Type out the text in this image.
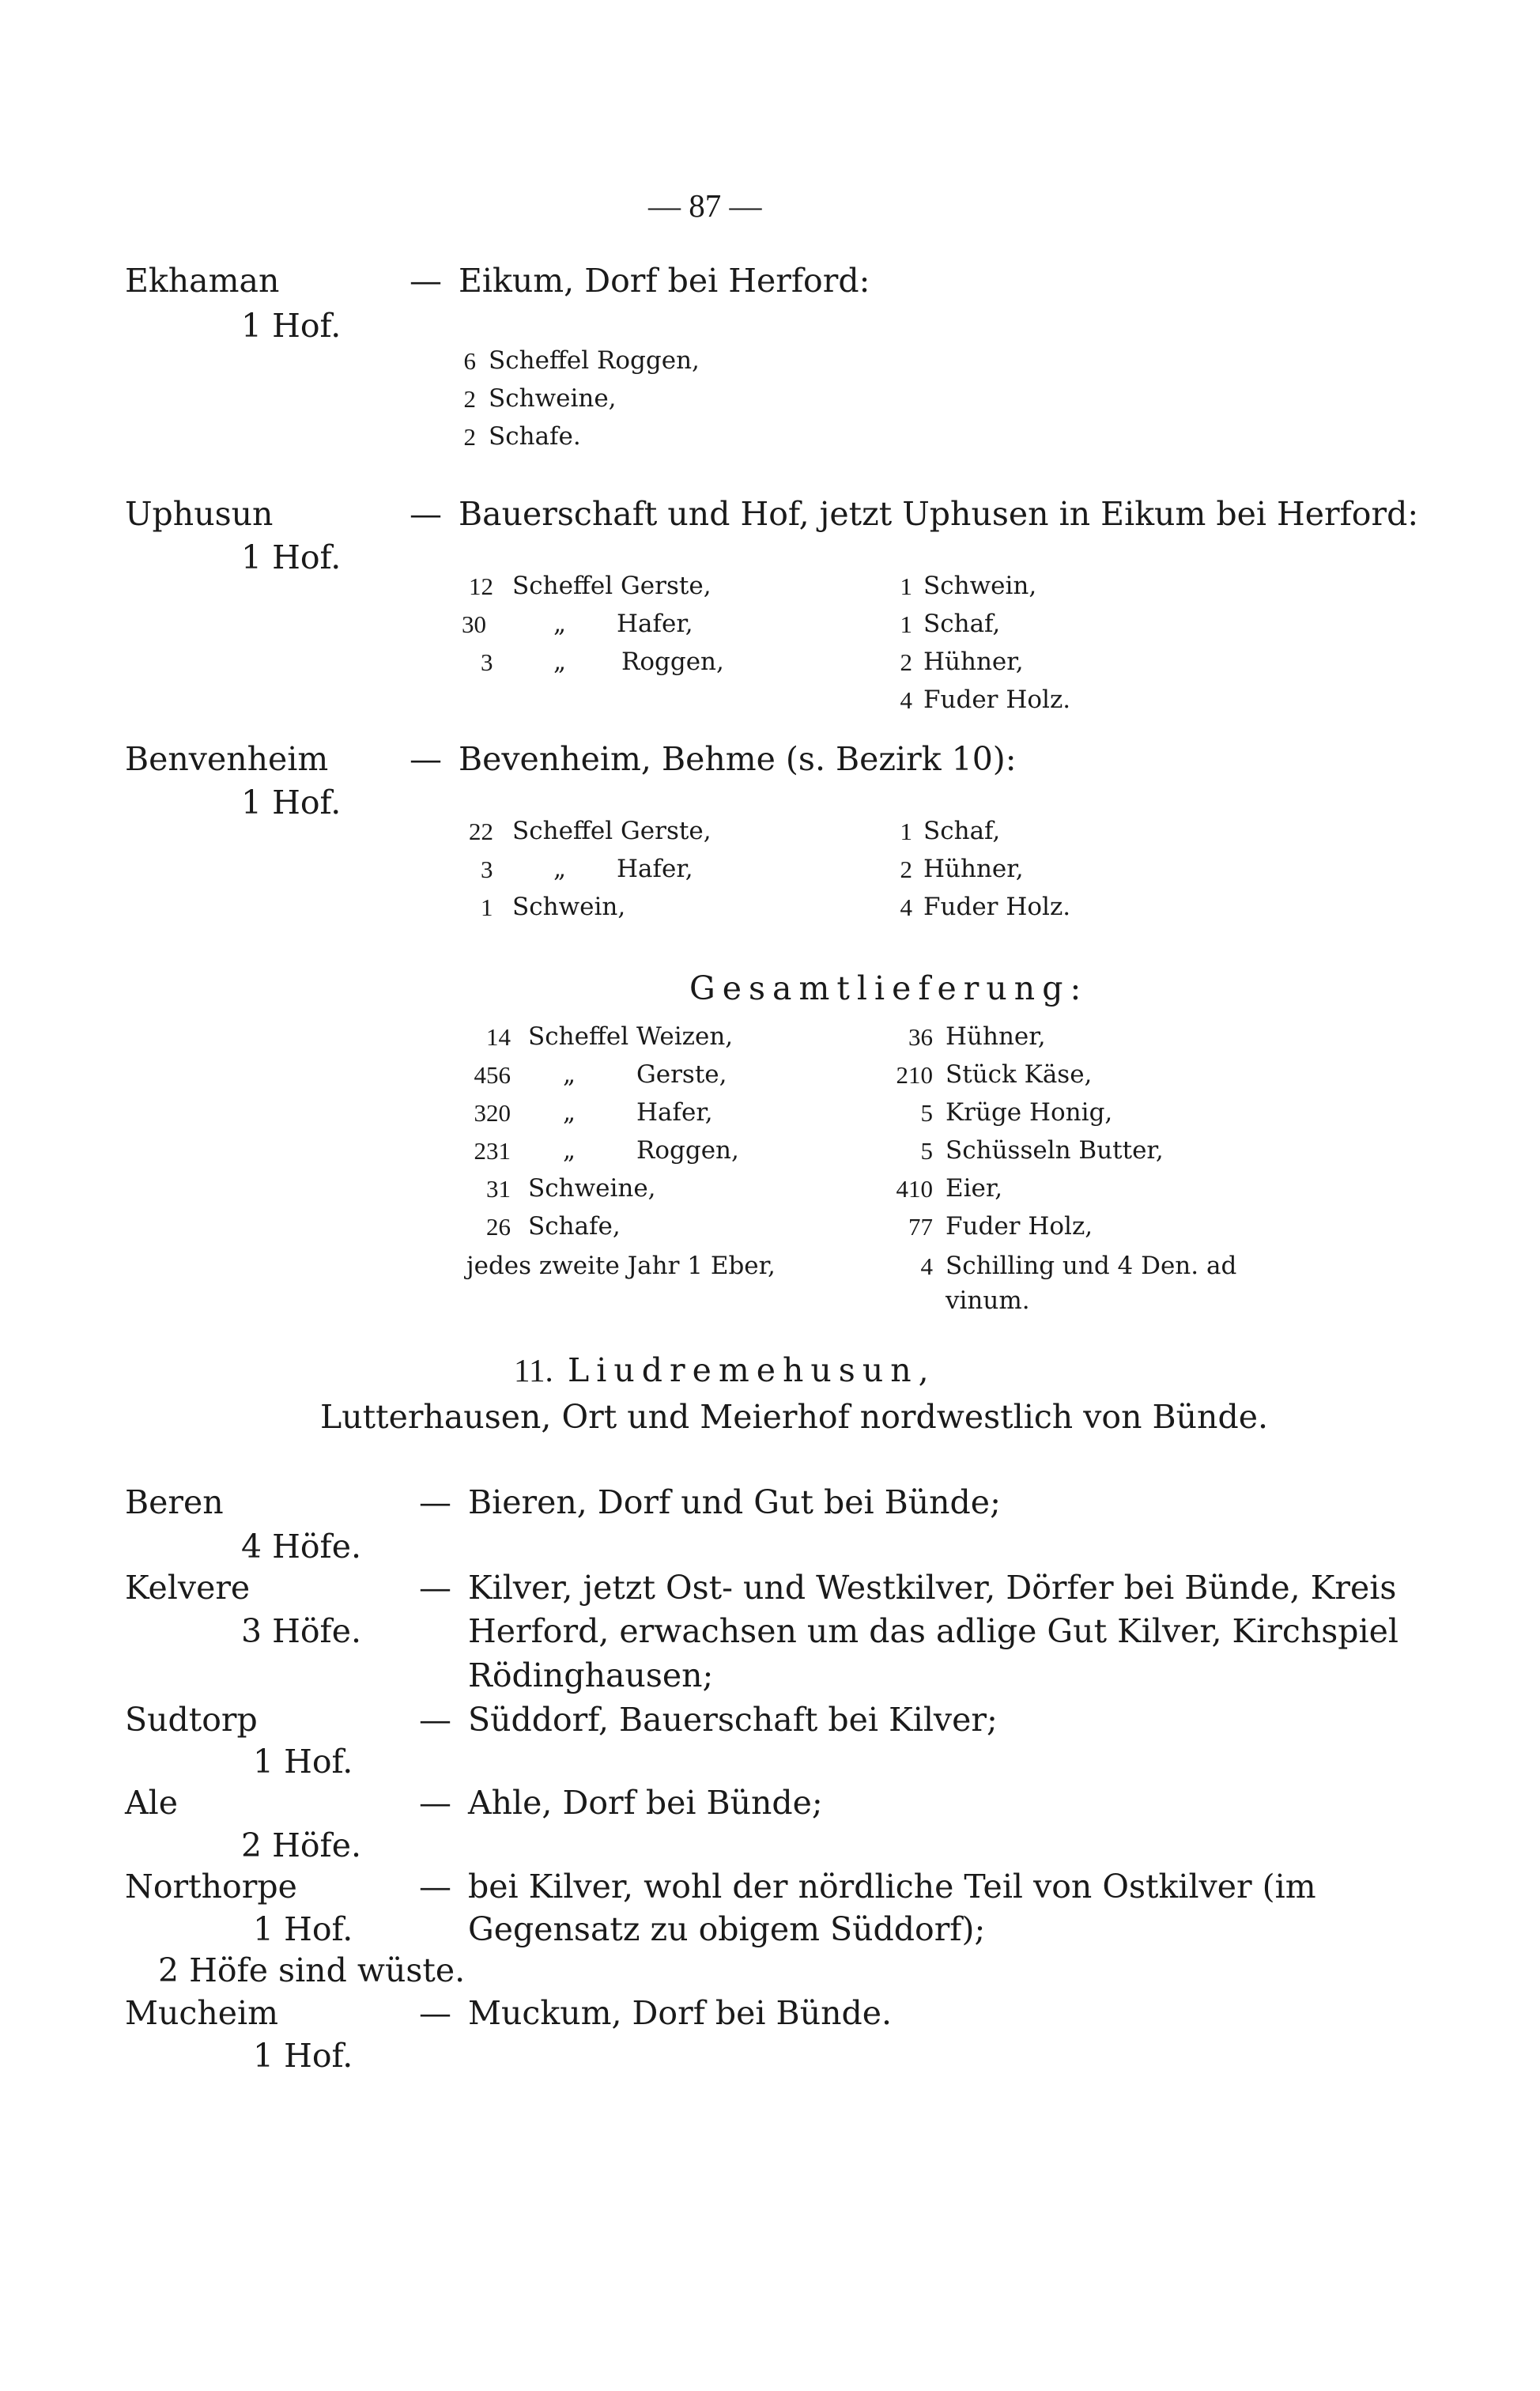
— 87 —
Ekhaman
1 Hof.
— Eikum, Dorf bei Herford:
6 Scheffel Roggen,
2 Schweine,
2 Schafe.
Uphusun
1 Hof.
— Bauerschaft und Hof, jetzt Uphusen in Eikum bei Herford:
12 Scheffel Gerste,
30	„ Hafer,
3 „ Roggen,
1 Schwein,
1 Schaf,
2 Hühner,
4 Fuder Holz.
Benvenheim
1 Hof.
— Bevenheim, Behme (s. Bezirk 10):
22 Scheffel Gerste,
3 „ Hafer,
1 Schwein,
1 Schaf,
2 Hühner,
4 Fuder Holz.
Gesamtlieferung:
14 Scheffel Weizen,
456 „ Gerste,
320 „ Hafer,
231 „ Roggen,
31 Schweine,
26 Schafe,
jedes zweite Jahr 1 Eber,
36 Hühner,
210 Stück Käse,
5 Krüge Honig,
5 Schüsseln Butter,
410 Eier,
77 Fuder Holz,
4 Schilling und 4 Den. ad
vinum.
11. Liudremehusun,
Lutterhausen, Ort und Meierhof nordwestlich von Bünde.
Beren
4 Höfe.
— Bieren, Dorf und Gut bei Bünde;
Kelvere
3 Höfe.
— Kilver, jetzt Ost- und Westkilver, Dörfer bei Bünde, Kreis
Herford, erwachsen um das adlige Gut Kilver, Kirchspiel
Rödinghausen;
Sudtorp
1 Hof.
— Süddorf, Bauerschaft bei Kilver;
Ale
2 Höfe.
— Ahle, Dorf bei Bünde;
Northorpe
1 Hof.
— bei Kilver, wohl der nördliche Teil von Ostkilver (im
Gegensatz zu obigem Süddorf);
2 Höfe sind wüste.
Mucheim
1 Hof.
— Muckum, Dorf bei Bünde.
